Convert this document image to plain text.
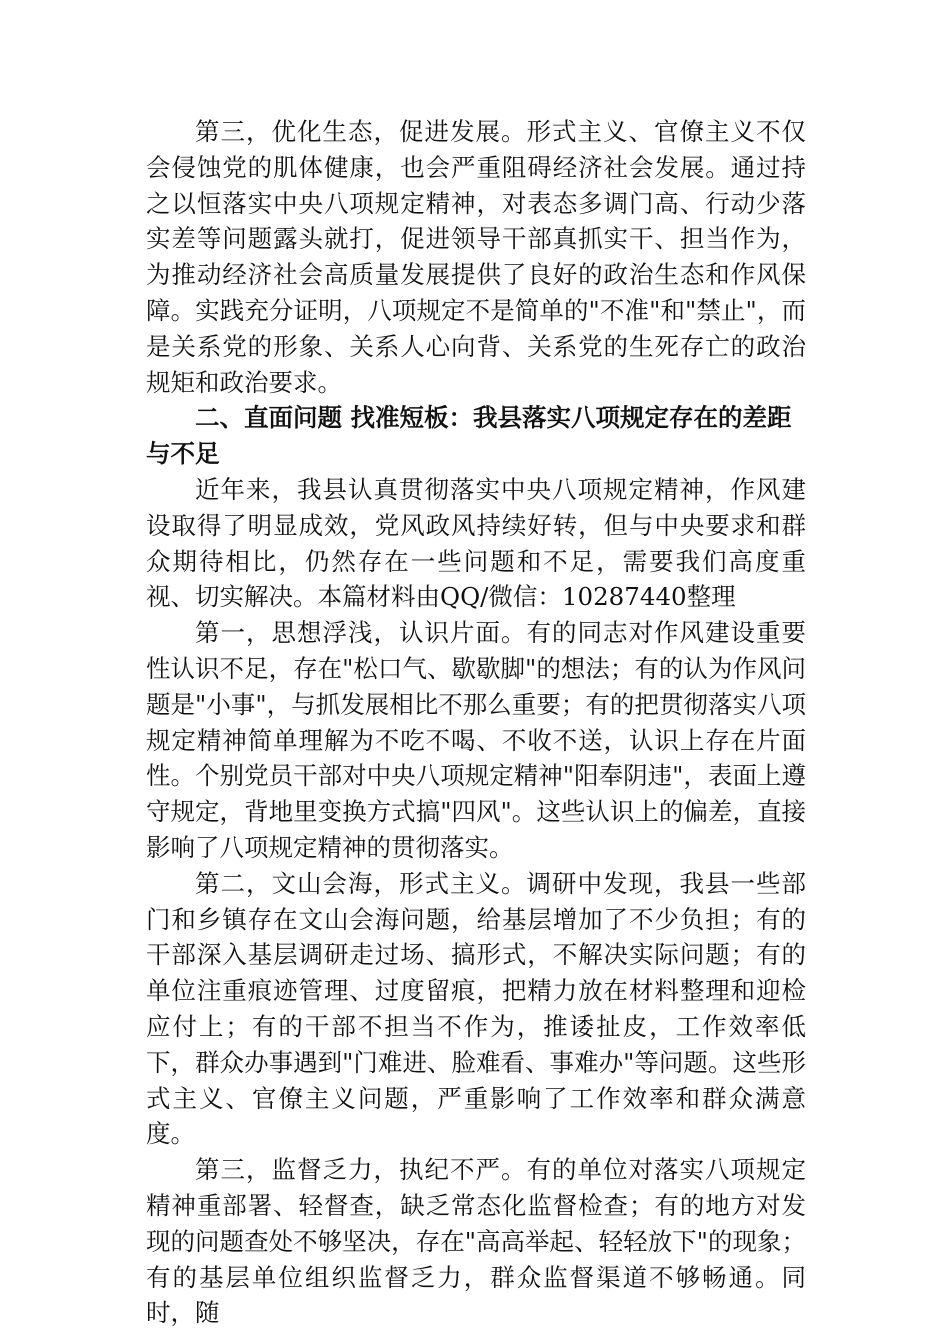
第三，优化生态，促进发展。形式主义、官僚主义不仅会侵蚀党的肌体健康，也会严重阻碍经济社会发展。通过持之以恒落实中央八项规定精神，对表态多调门高、行动少落实差等问题露头就打，促进领导干部真抓实干、担当作为，为推动经济社会高质量发展提供了良好的政治生态和作风保障。实践充分证明，八项规定不是简单的"不准"和"禁止"，而是关系党的形象、关系人心向背、关系党的生死存亡的政治规矩和政治要求。

二、直面问题 找准短板：我县落实八项规定存在的差距与不足

近年来，我县认真贯彻落实中央八项规定精神，作风建设取得了明显成效，党风政风持续好转，但与中央要求和群众期待相比，仍然存在一些问题和不足，需要我们高度重视、切实解决。本篇材料由QQ/微信：10287440整理

第一，思想浮浅，认识片面。有的同志对作风建设重要性认识不足，存在"松口气、歇歇脚"的想法；有的认为作风问题是"小事"，与抓发展相比不那么重要；有的把贯彻落实八项规定精神简单理解为不吃不喝、不收不送，认识上存在片面性。个别党员干部对中央八项规定精神"阳奉阴违"，表面上遵守规定，背地里变换方式搞"四风"。这些认识上的偏差，直接影响了八项规定精神的贯彻落实。

第二，文山会海，形式主义。调研中发现，我县一些部门和乡镇存在文山会海问题，给基层增加了不少负担；有的干部深入基层调研走过场、搞形式，不解决实际问题；有的单位注重痕迹管理、过度留痕，把精力放在材料整理和迎检应付上；有的干部不担当不作为，推诿扯皮，工作效率低下，群众办事遇到"门难进、脸难看、事难办"等问题。这些形式主义、官僚主义问题，严重影响了工作效率和群众满意度。

第三，监督乏力，执纪不严。有的单位对落实八项规定精神重部署、轻督查，缺乏常态化监督检查；有的地方对发现的问题查处不够坚决，存在"高高举起、轻轻放下"的现象；有的基层单位组织监督乏力，群众监督渠道不够畅通。同时，随
